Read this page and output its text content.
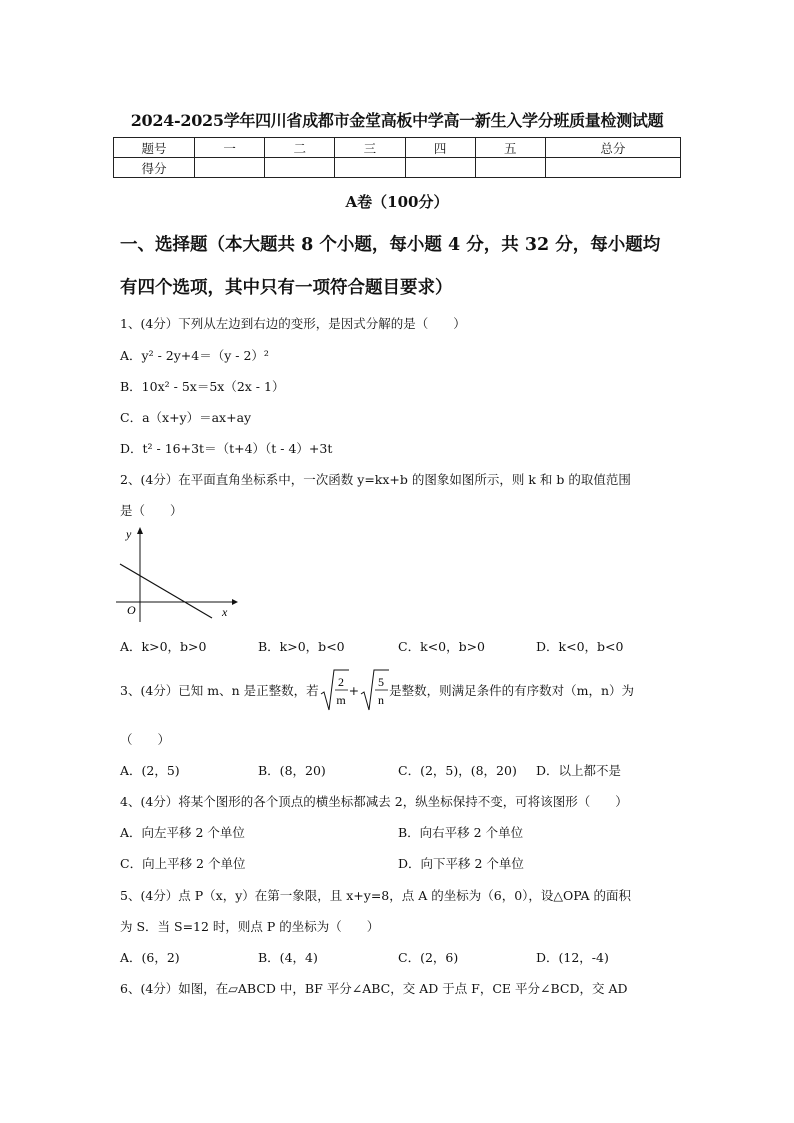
2024-2025学年四川省成都市金堂高板中学高一新生入学分班质量检测试题
题号	一	二	三	四	五	总分
得分						
A卷（100分）
一、选择题（本大题共 8 个小题，每小题 4 分，共 32 分，每小题均
有四个选项，其中只有一项符合题目要求）
1、(4分）下列从左边到右边的变形，是因式分解的是（　　）
A．y² - 2y+4＝（y - 2）²
B．10x² - 5x＝5x（2x - 1）
C．a（x+y）＝ax+ay
D．t² - 16+3t＝（t+4）（t - 4）+3t
2、(4分）在平面直角坐标系中，一次函数 y=kx+b 的图象如图所示，则 k 和 b 的取值范围
是（　　）
y
x
O
A．k>0，b>0	B．k>0，b<0	C．k<0，b>0	D．k<0，b<0
3、(4分）已知 m、n 是正整数，若
2
m
+
5
n
是整数，则满足条件的有序数对（m，n）为
（　　）
A．(2，5)	B．(8，20)	C．(2，5)，(8，20) D．以上都不是
4、(4分）将某个图形的各个顶点的横坐标都减去 2，纵坐标保持不变，可将该图形（　　）
A．向左平移 2 个单位	B．向右平移 2 个单位
C．向上平移 2 个单位	D．向下平移 2 个单位
5、(4分）点 P（x，y）在第一象限，且 x+y=8，点 A 的坐标为（6，0），设△OPA 的面积
为 S．当 S=12 时，则点 P 的坐标为（　　）
A．(6，2)	B．(4，4)	C．(2，6)	D．(12，-4)
6、(4分）如图，在▱ABCD 中，BF 平分∠ABC，交 AD 于点 F，CE 平分∠BCD，交 AD
